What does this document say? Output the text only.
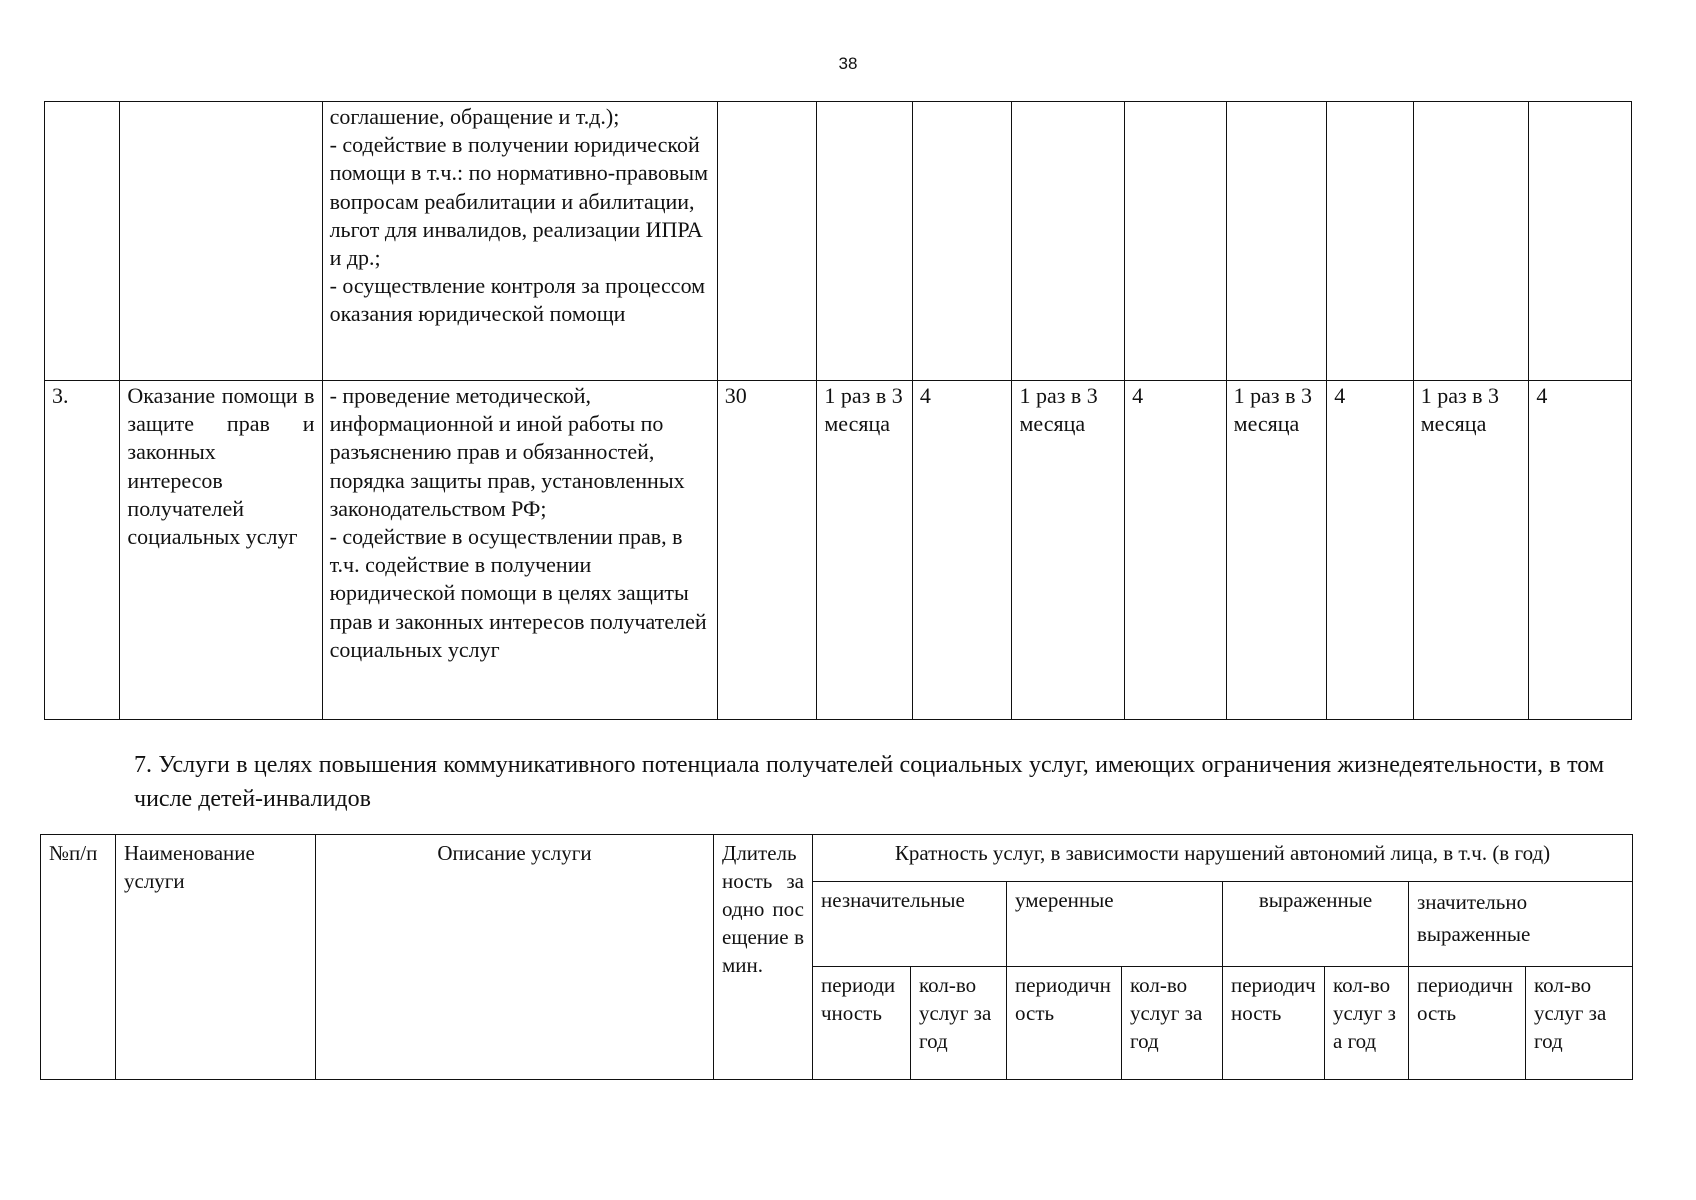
38
		соглашение, обращение и т.д.);
- содействие в получении юридической помощи в т.ч.: по нормативно-правовым вопросам реабилитации и абилитации, льгот для инвалидов, реализации ИПРА и др.;
- осуществление контроля за процессом оказания юридической помощи									
3.	Оказание помощи в защите прав и законных интересов получателей социальных услуг	- проведение методической, информационной и иной работы по разъяснению прав и обязанностей, порядка защиты прав, установленных законодательством РФ;
- содействие в осуществлении прав, в т.ч. содействие в получении юридической помощи в целях защиты прав и законных интересов получателей социальных услуг	30	1 раз в 3 месяца	4	1 раз в 3 месяца	4	1 раз в 3 месяца	4	1 раз в 3 месяца	4
7. Услуги в целях повышения коммуникативного потенциала получателей социальных услуг, имеющих ограничения жизнедеятельности, в том числе детей-инвалидов
№п/п	Наименование услуги	Описание услуги	Длительность за одно посещение в мин.	Кратность услуг, в зависимости нарушений автономий лица, в т.ч. (в год)							
				незначительные		умеренные		выраженные		значительно выраженные	
				периодичность	кол-во услуг за год	периодичность	кол-во услуг за год	периодичность	кол-во услуг за год	периодичность	кол-во услуг за год
